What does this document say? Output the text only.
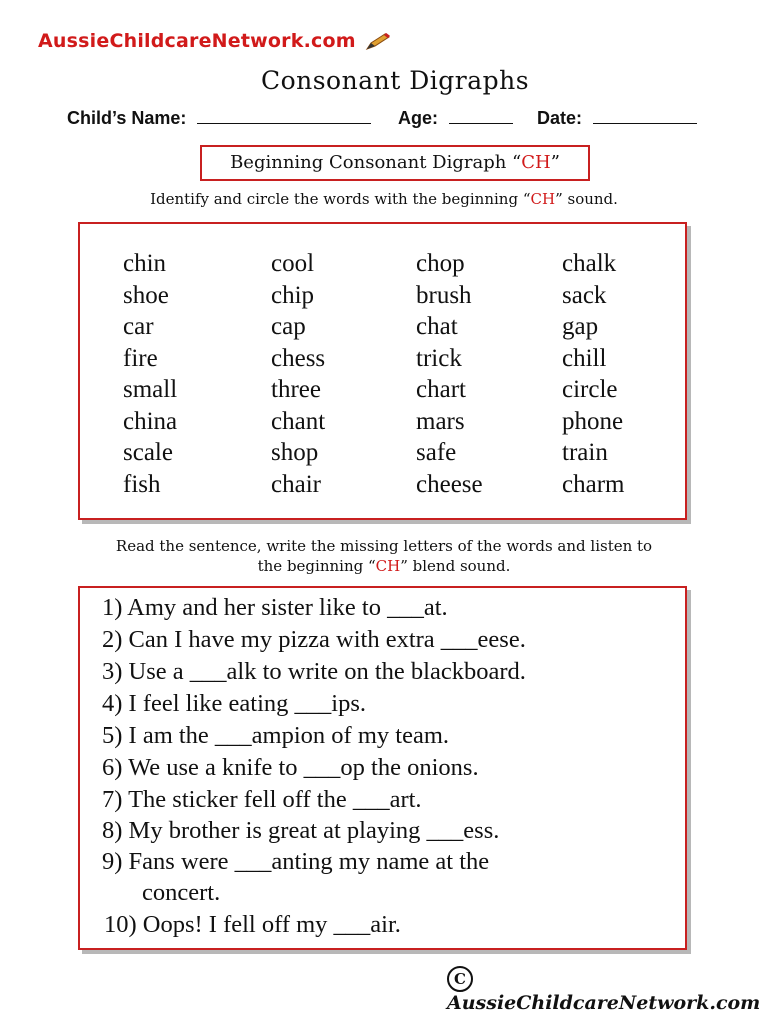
AussieChildcareNetwork.com
Consonant Digraphs
Child’s Name:	Age:	Date:
Beginning Consonant Digraph “CH”
Identify and circle the words with the beginning “CH” sound.
chin
shoe
car
fire
small
china
scale
fish
cool
chip
cap
chess
three
chant
shop
chair
chop
brush
chat
trick
chart
mars
safe
cheese
chalk
sack
gap
chill
circle
phone
train
charm
Read the sentence, write the missing letters of the words and listen to
the beginning “CH” blend sound.
1) Amy and her sister like to ___at.
2) Can I have my pizza with extra ___eese.
3) Use a ___alk to write on the blackboard.
4) I feel like eating ___ips.
5) I am the ___ampion of my team.
6) We use a knife to ___op the onions.
7) The sticker fell off the ___art.
8) My brother is great at playing ___ess.
9) Fans were ___anting my name at the
concert.
10) Oops! I fell off my ___air.
C AussieChildcareNetwork.com
